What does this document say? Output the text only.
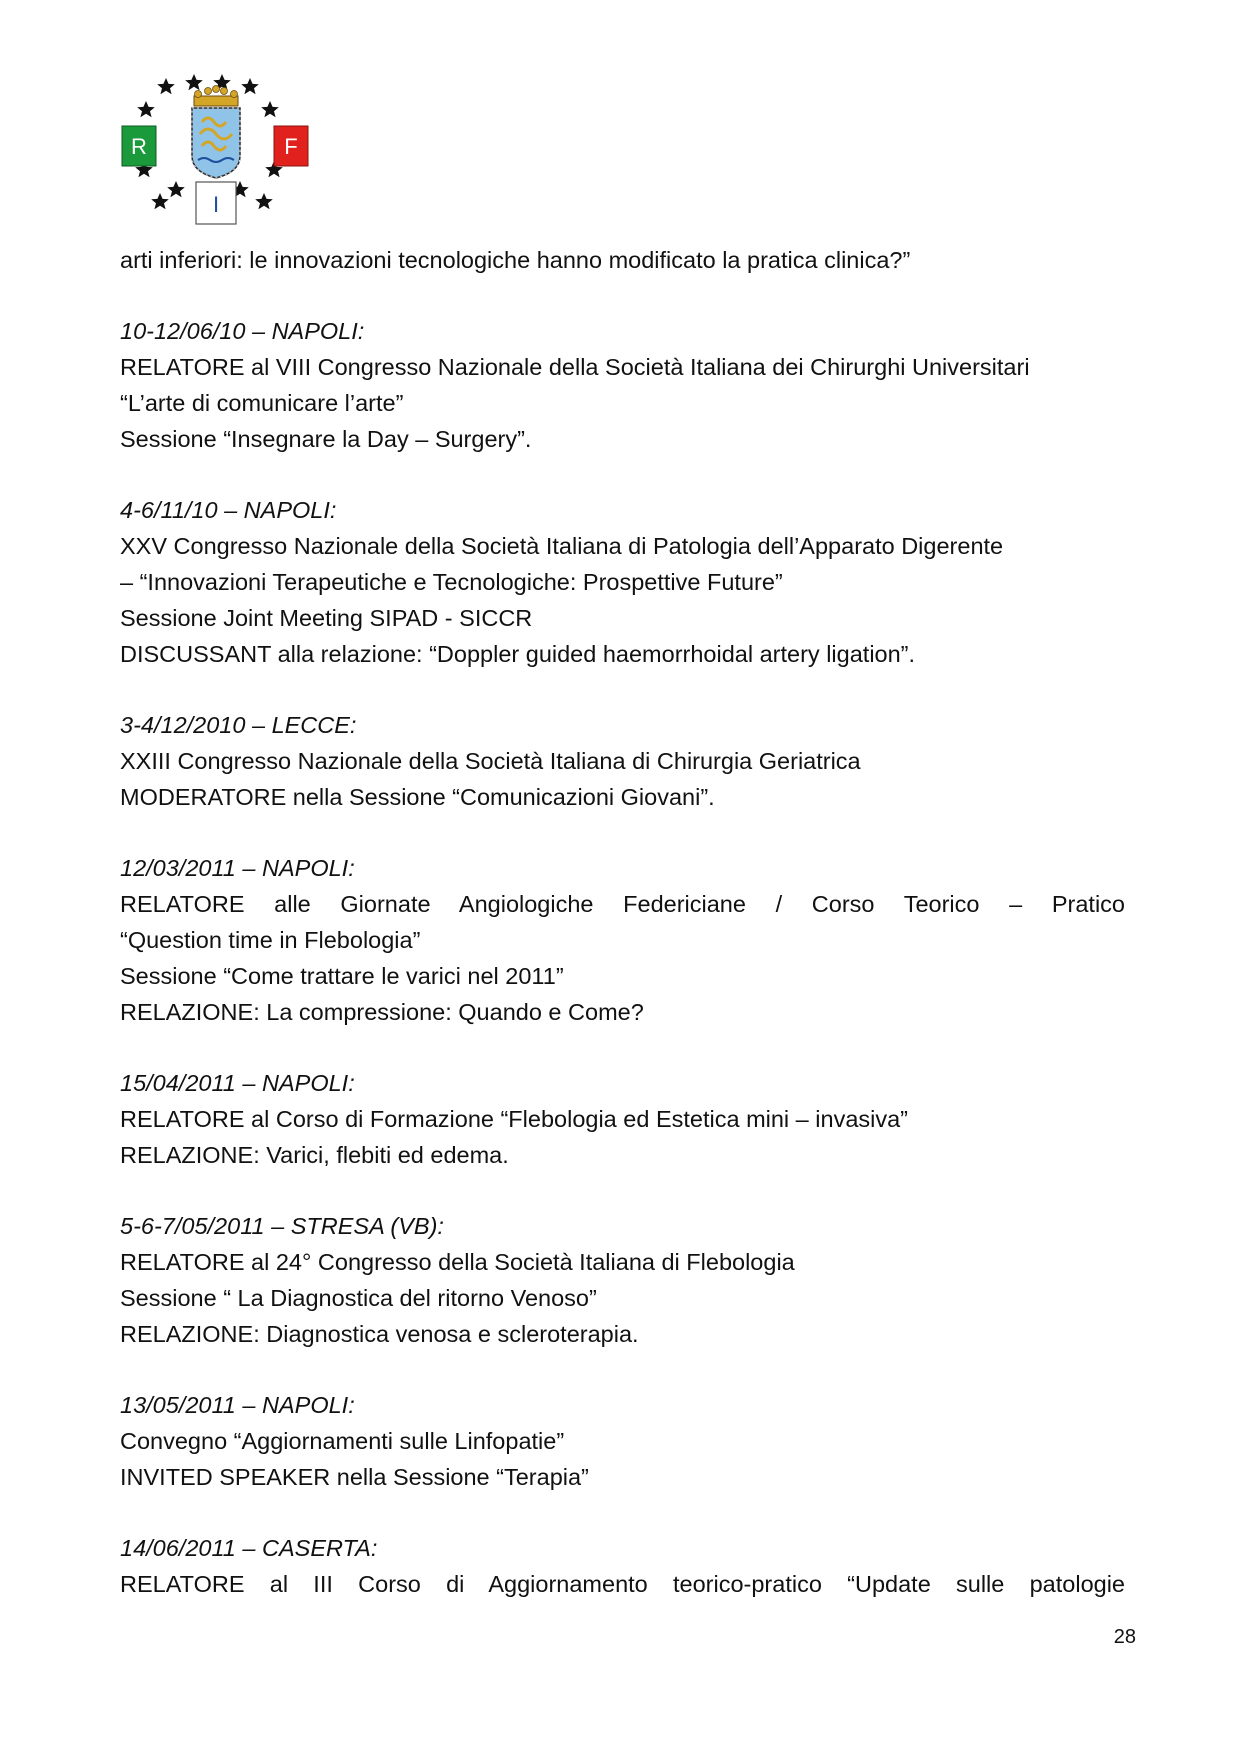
R	F
I
arti inferiori: le innovazioni tecnologiche hanno modificato la pratica clinica?”
10-12/06/10 – NAPOLI:
RELATORE al VIII Congresso Nazionale della Società Italiana dei Chirurghi Universitari
“L’arte di comunicare l’arte”
Sessione “Insegnare la Day – Surgery”.
4-6/11/10 – NAPOLI:
XXV Congresso Nazionale della Società Italiana di Patologia dell’Apparato Digerente
– “Innovazioni Terapeutiche e Tecnologiche: Prospettive Future”
Sessione Joint Meeting SIPAD - SICCR
DISCUSSANT alla relazione: “Doppler guided haemorrhoidal artery ligation”.
3-4/12/2010 – LECCE:
XXIII Congresso Nazionale della Società Italiana di Chirurgia Geriatrica
MODERATORE nella Sessione “Comunicazioni Giovani”.
12/03/2011 – NAPOLI:
RELATORE alle Giornate Angiologiche Federiciane / Corso Teorico – Pratico
“Question time in Flebologia”
Sessione “Come trattare le varici nel 2011”
RELAZIONE: La compressione: Quando e Come?
15/04/2011 – NAPOLI:
RELATORE al Corso di Formazione “Flebologia ed Estetica mini – invasiva”
RELAZIONE: Varici, flebiti ed edema.
5-6-7/05/2011 – STRESA (VB):
RELATORE al 24° Congresso della Società Italiana di Flebologia
Sessione “ La Diagnostica del ritorno Venoso”
RELAZIONE: Diagnostica venosa e scleroterapia.
13/05/2011 – NAPOLI:
Convegno “Aggiornamenti sulle Linfopatie”
INVITED SPEAKER nella Sessione “Terapia”
14/06/2011 – CASERTA:
RELATORE al III Corso di Aggiornamento teorico-pratico “Update sulle patologie
28
